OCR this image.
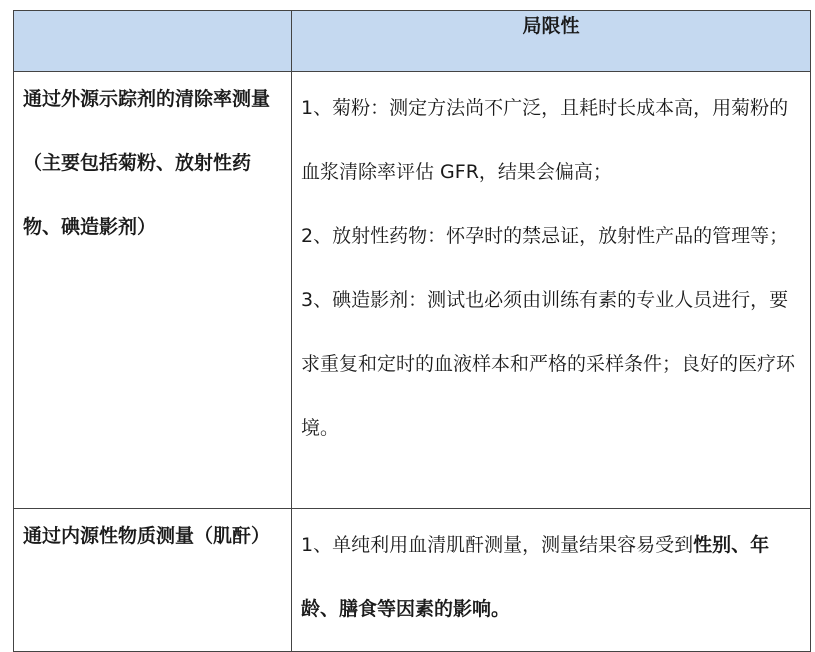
	局限性

通过外源示踪剂的清除率测量（主要包括菊粉、放射性药物、碘造影剂）	1、菊粉：测定方法尚不广泛，且耗时长成本高，用菊粉的血浆清除率评估 GFR，结果会偏高；

2、放射性药物：怀孕时的禁忌证，放射性产品的管理等；

3、碘造影剂：测试也必须由训练有素的专业人员进行，要求重复和定时的血液样本和严格的采样条件；良好的医疗环境。

通过内源性物质测量（肌酐）	1、单纯利用血清肌酐测量，测量结果容易受到性别、年龄、膳食等因素的影响。
